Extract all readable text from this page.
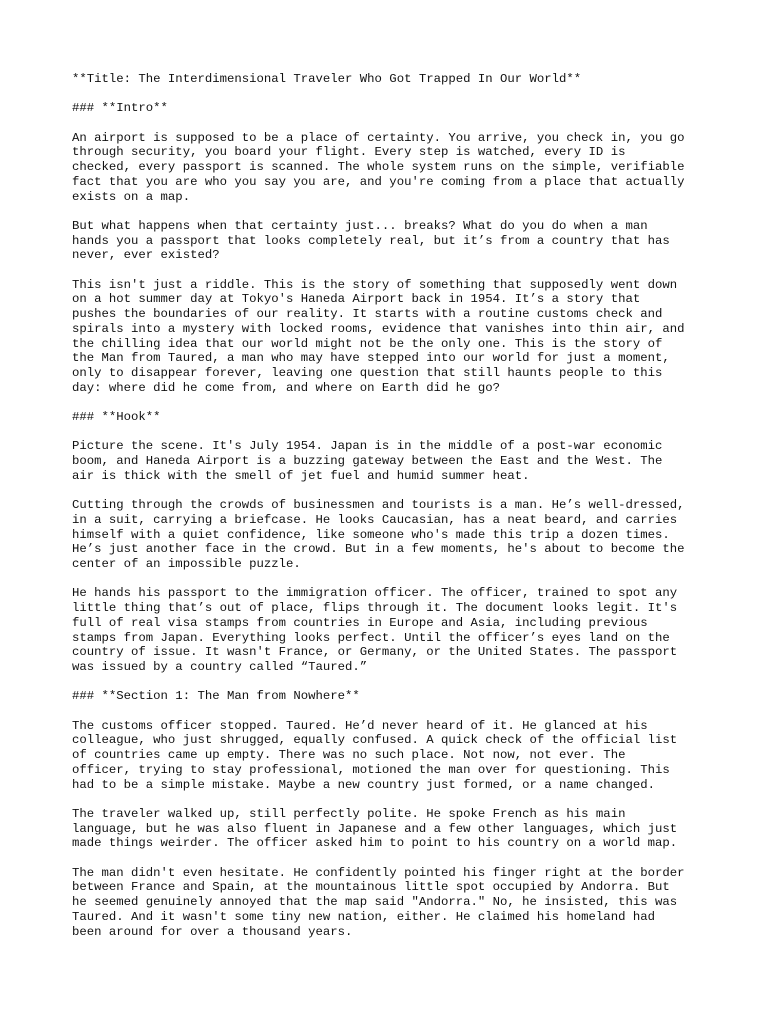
**Title: The Interdimensional Traveler Who Got Trapped In Our World**

### **Intro**

An airport is supposed to be a place of certainty. You arrive, you check in, you go
through security, you board your flight. Every step is watched, every ID is
checked, every passport is scanned. The whole system runs on the simple, verifiable
fact that you are who you say you are, and you're coming from a place that actually
exists on a map.

But what happens when that certainty just... breaks? What do you do when a man
hands you a passport that looks completely real, but it’s from a country that has
never, ever existed?

This isn't just a riddle. This is the story of something that supposedly went down
on a hot summer day at Tokyo's Haneda Airport back in 1954. It’s a story that
pushes the boundaries of our reality. It starts with a routine customs check and
spirals into a mystery with locked rooms, evidence that vanishes into thin air, and
the chilling idea that our world might not be the only one. This is the story of
the Man from Taured, a man who may have stepped into our world for just a moment,
only to disappear forever, leaving one question that still haunts people to this
day: where did he come from, and where on Earth did he go?

### **Hook**

Picture the scene. It's July 1954. Japan is in the middle of a post-war economic
boom, and Haneda Airport is a buzzing gateway between the East and the West. The
air is thick with the smell of jet fuel and humid summer heat.

Cutting through the crowds of businessmen and tourists is a man. He’s well-dressed,
in a suit, carrying a briefcase. He looks Caucasian, has a neat beard, and carries
himself with a quiet confidence, like someone who's made this trip a dozen times.
He’s just another face in the crowd. But in a few moments, he's about to become the
center of an impossible puzzle.

He hands his passport to the immigration officer. The officer, trained to spot any
little thing that’s out of place, flips through it. The document looks legit. It's
full of real visa stamps from countries in Europe and Asia, including previous
stamps from Japan. Everything looks perfect. Until the officer’s eyes land on the
country of issue. It wasn't France, or Germany, or the United States. The passport
was issued by a country called “Taured.”

### **Section 1: The Man from Nowhere**

The customs officer stopped. Taured. He’d never heard of it. He glanced at his
colleague, who just shrugged, equally confused. A quick check of the official list
of countries came up empty. There was no such place. Not now, not ever. The
officer, trying to stay professional, motioned the man over for questioning. This
had to be a simple mistake. Maybe a new country just formed, or a name changed.

The traveler walked up, still perfectly polite. He spoke French as his main
language, but he was also fluent in Japanese and a few other languages, which just
made things weirder. The officer asked him to point to his country on a world map.

The man didn't even hesitate. He confidently pointed his finger right at the border
between France and Spain, at the mountainous little spot occupied by Andorra. But
he seemed genuinely annoyed that the map said "Andorra." No, he insisted, this was
Taured. And it wasn't some tiny new nation, either. He claimed his homeland had
been around for over a thousand years.
